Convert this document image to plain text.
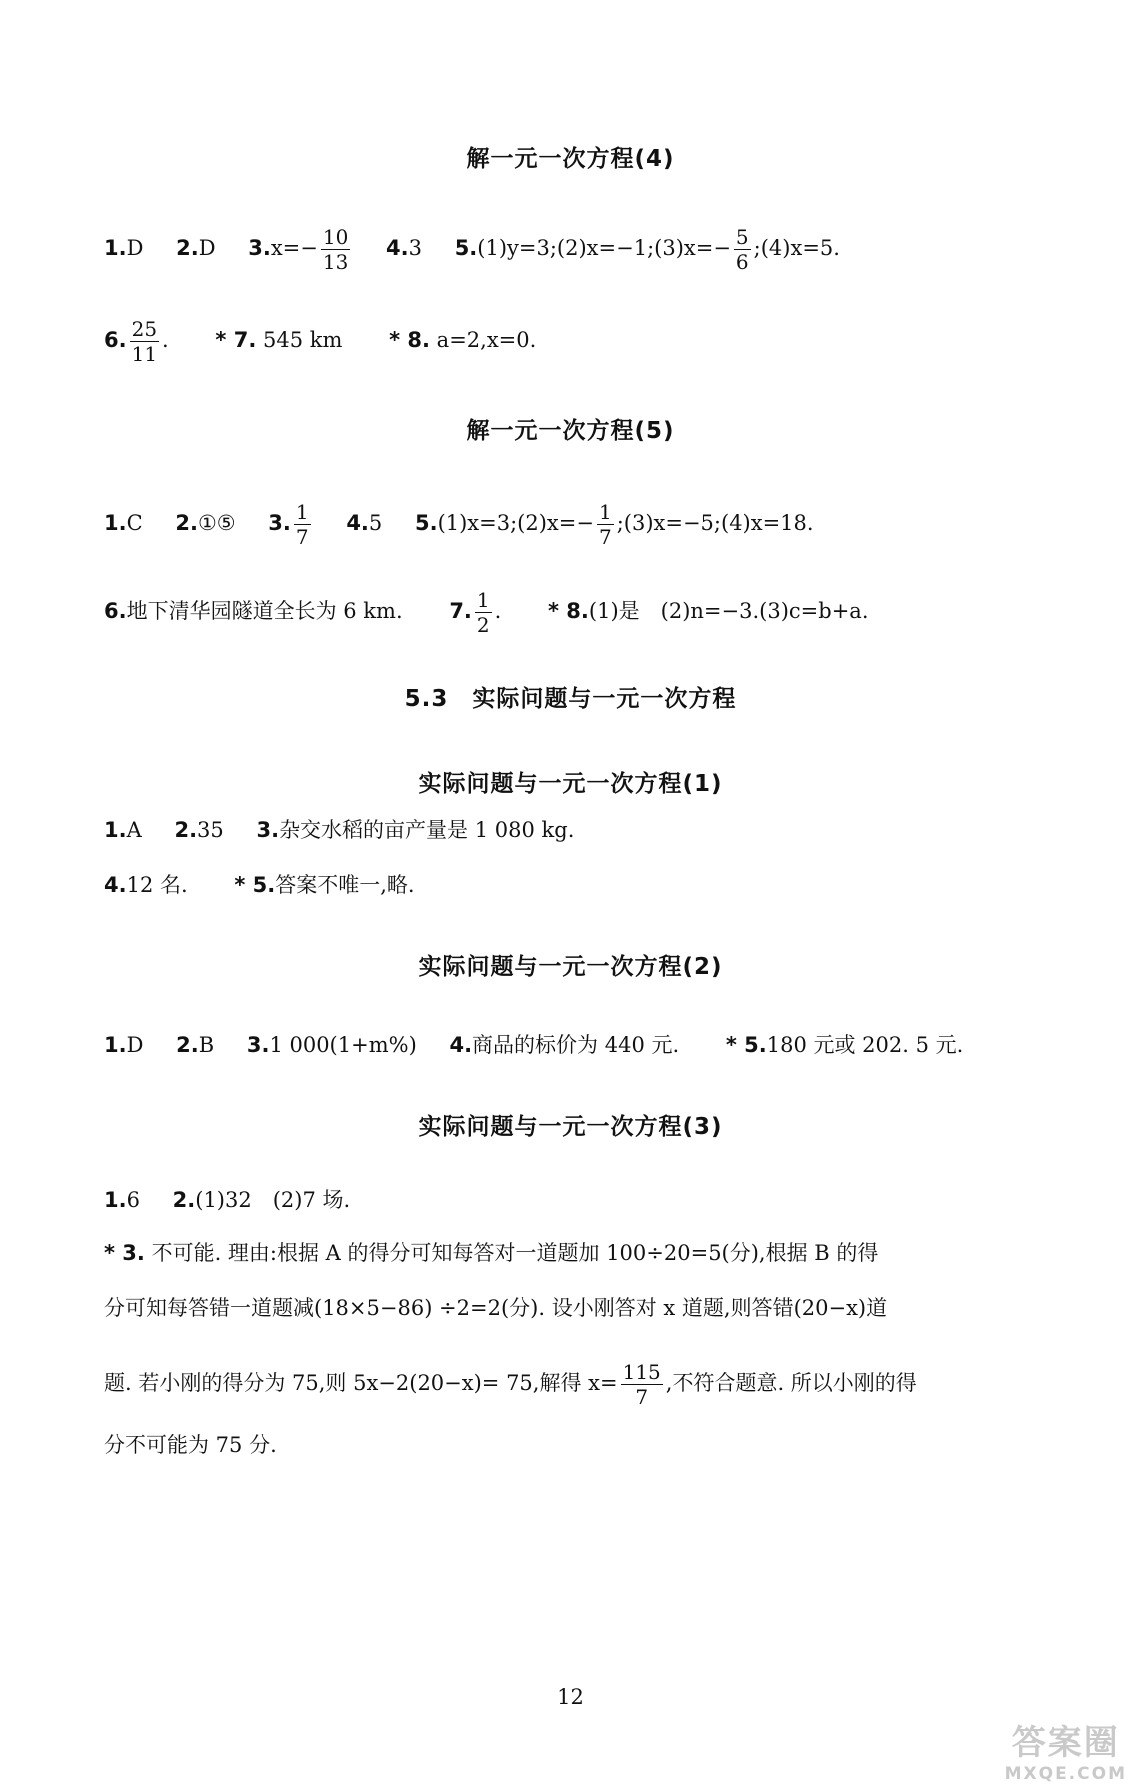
解一元一次方程(4)
1.D 2.D $3.x=- \frac{10}{13} 4.3$ 5.(1)y=3;(2)x=−1;(3)x=− $\frac{5}{6}$ ;(4)x=5.
6. $\frac{25}{11}$ . * 7. 545 km * 8. a=2,x=0.
解一元一次方程(5)
1.C 2.①⑤ 3. $\frac{1}{7} 4.5$ 5.(1)x=3;(2)x=− $\frac{1}{7}$ ;(3)x=−5;(4)x=18.
6.地下清华园隧道全长为 6 km. 7. $\frac{1}{2}$ . * 8.(1)是　(2)n=−3.(3)c=b+a.
5.3　实际问题与一元一次方程
实际问题与一元一次方程(1)
1.A 2.35 3.杂交水稻的亩产量是 1 080 kg.
4.12 名. * 5.答案不唯一,略.
实际问题与一元一次方程(2)
1.D 2.B 3.1 000(1+m%) 4.商品的标价为 440 元. * 5.180 元或 202. 5 元.
实际问题与一元一次方程(3)
1.6 2.(1)32　(2)7 场.
* 3. 不可能. 理由:根据 A 的得分可知每答对一道题加 100÷20=5(分),根据 B 的得
分可知每答错一道题减(18×5−86) ÷2=2(分). 设小刚答对 x 道题,则答错(20−x)道
题. 若小刚的得分为 75,则 5x−2(20−x)= 75,解得 $x= \frac{115}{7}$ ,不符合题意. 所以小刚的得
分不可能为 75 分.
12
答案圈
MXQE.COM
